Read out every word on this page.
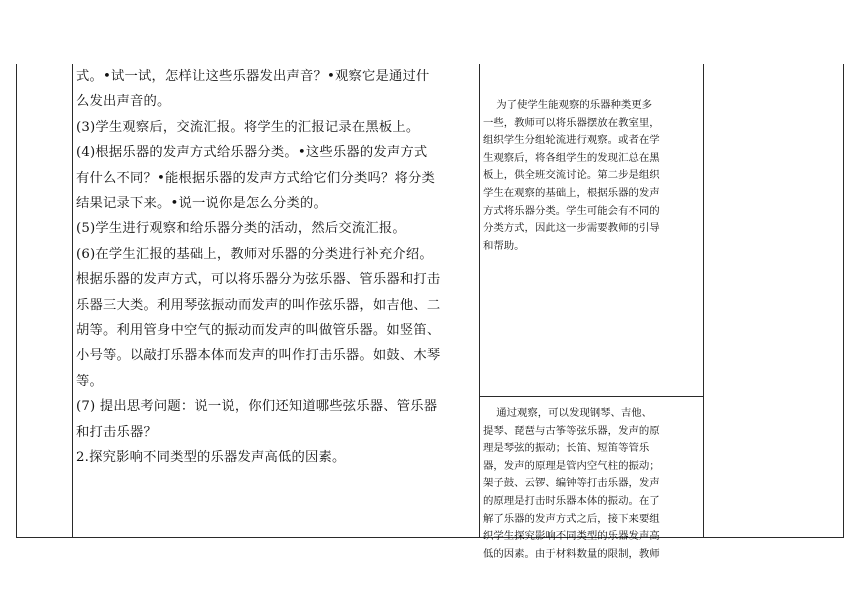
式。•试一试，怎样让这些乐器发出声音？•观察它是通过什

么发出声音的。

(3)学生观察后，交流汇报。将学生的汇报记录在黑板上。

(4)根据乐器的发声方式给乐器分类。•这些乐器的发声方式

有什么不同？•能根据乐器的发声方式给它们分类吗？将分类

结果记录下来。•说一说你是怎么分类的。

(5)学生进行观察和给乐器分类的活动，然后交流汇报。

(6)在学生汇报的基础上，教师对乐器的分类进行补充介绍。

根据乐器的发声方式，可以将乐器分为弦乐器、管乐器和打击

乐器三大类。利用琴弦振动而发声的叫作弦乐器，如吉他、二

胡等。利用管身中空气的振动而发声的叫做管乐器。如竖笛、

小号等。以敲打乐器本体而发声的叫作打击乐器。如鼓、木琴

等。

(7) 提出思考问题：说一说，你们还知道哪些弦乐器、管乐器

和打击乐器？

2.探究影响不同类型的乐器发声高低的因素。

为了使学生能观察的乐器种类更多

一些，教师可以将乐器摆放在教室里，

组织学生分组轮流进行观察。或者在学

生观察后，将各组学生的发现汇总在黑

板上，供全班交流讨论。第二步是组织

学生在观察的基础上，根据乐器的发声

方式将乐器分类。学生可能会有不同的

分类方式，因此这一步需要教师的引导

和帮助。

通过观察，可以发现钢琴、吉他、

提琴、琵琶与古筝等弦乐器，发声的原

理是琴弦的振动；长笛、短笛等管乐

器，发声的原理是管内空气柱的振动；

架子鼓、云锣、编钟等打击乐器，发声

的原理是打击时乐器本体的振动。在了

解了乐器的发声方式之后，接下来要组

织学生探究影响不同类型的乐器发声高

低的因素。由于材料数量的限制，教师
